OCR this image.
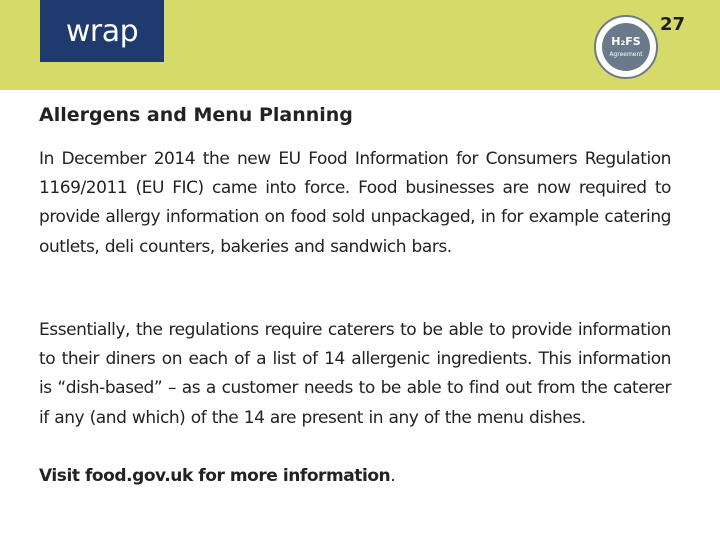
wrap	H₂FS
Agreement
27
Allergens and Menu Planning

In December 2014 the new EU Food Information for Consumers Regulation 1169/2011 (EU FIC) came into force. Food businesses are now required to provide allergy information on food sold unpackaged, in for example catering outlets, deli counters, bakeries and sandwich bars.

Essentially, the regulations require caterers to be able to provide information to their diners on each of a list of 14 allergenic ingredients. This information is “dish-based” – as a customer needs to be able to find out from the caterer if any (and which) of the 14 are present in any of the menu dishes.

Visit food.gov.uk for more information.
